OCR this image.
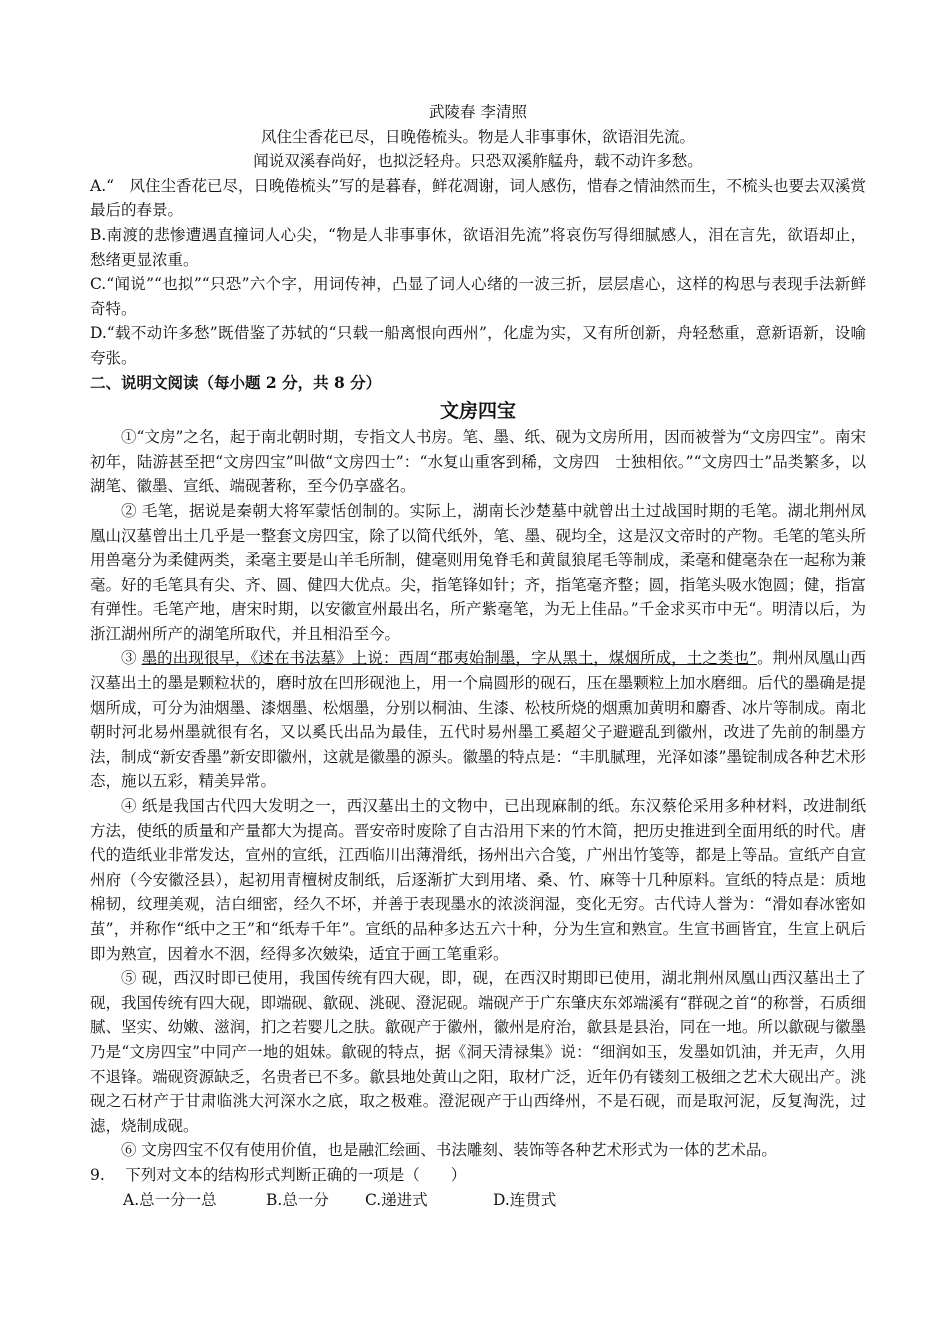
武陵春 李清照
风住尘香花已尽，日晚倦梳头。物是人非事事休，欲语泪先流。
闻说双溪春尚好，也拟泛轻舟。只恐双溪舴艋舟，载不动许多愁。

A.“　风住尘香花已尽，日晚倦梳头”写的是暮春，鲜花凋谢，词人感伤，惜春之情油然而生，不梳头也要去双溪赏最后的春景。

B.南渡的悲惨遭遇直撞词人心尖，“物是人非事事休，欲语泪先流”将哀伤写得细腻感人，泪在言先，欲语却止，愁绪更显浓重。

C.“闻说”“也拟”“只恐”六个字，用词传神，凸显了词人心绪的一波三折，层层虐心，这样的构思与表现手法新鲜奇特。

D.“载不动许多愁”既借鉴了苏轼的“只载一船离恨向西州”，化虚为实，又有所创新，舟轻愁重，意新语新，设喻夸张。

二、说明文阅读（每小题 2 分，共 8 分）

文房四宝

①“文房”之名，起于南北朝时期，专指文人书房。笔、墨、纸、砚为文房所用，因而被誉为“文房四宝”。南宋初年，陆游甚至把“文房四宝”叫做“文房四士”：“水复山重客到稀，文房四　士独相依。”“文房四士”品类繁多，以湖笔、徽墨、宣纸、端砚著称，至今仍享盛名。

② 毛笔，据说是秦朝大将军蒙恬创制的。实际上，湖南长沙楚墓中就曾出土过战国时期的毛笔。湖北荆州凤凰山汉墓曾出土几乎是一整套文房四宝，除了以简代纸外，笔、墨、砚均全，这是汉文帝时的产物。毛笔的笔头所用兽毫分为柔健两类，柔毫主要是山羊毛所制，健毫则用兔脊毛和黄鼠狼尾毛等制成，柔毫和健毫杂在一起称为兼毫。好的毛笔具有尖、齐、圆、健四大优点。尖，指笔锋如针；齐，指笔毫齐整；圆，指笔头吸水饱圆；健，指富有弹性。毛笔产地，唐宋时期，以安徽宣州最出名，所产紫毫笔，为无上佳品。”千金求买市中无“。明清以后，为浙江湖州所产的湖笔所取代，并且相沿至今。

③ 墨的出现很早，《述在书法墓》上说：西周“郡夷始制墨，字从黑土，煤烟所成，土之类也”。荆州凤凰山西汉墓出土的墨是颗粒状的，磨时放在凹形砚池上，用一个扁圆形的砚石，压在墨颗粒上加水磨细。后代的墨确是提烟所成，可分为油烟墨、漆烟墨、松烟墨，分别以桐油、生漆、松枝所烧的烟熏加黄明和麝香、冰片等制成。南北朝时河北易州墨就很有名，又以奚氏出品为最佳，五代时易州墨工奚超父子避避乱到徽州，改进了先前的制墨方法，制成“新安香墨”新安即徽州，这就是徽墨的源头。徽墨的特点是：“丰肌腻理，光泽如漆”墨锭制成各种艺术形态，施以五彩，精美异常。

④ 纸是我国古代四大发明之一，西汉墓出土的文物中，已出现麻制的纸。东汉蔡伦采用多种材料，改进制纸方法，使纸的质量和产量都大为提高。晋安帝时废除了自古沿用下来的竹木简，把历史推进到全面用纸的时代。唐代的造纸业非常发达，宣州的宣纸，江西临川出薄滑纸，扬州出六合笺，广州出竹笺等，都是上等品。宣纸产自宣州府（今安徽泾县），起初用青檀树皮制纸，后逐渐扩大到用堵、桑、竹、麻等十几种原料。宣纸的特点是：质地棉韧，纹理美观，洁白细密，经久不坏，并善于表现墨水的浓淡润湿，变化无穷。古代诗人誉为：“滑如春冰密如茧”，并称作“纸中之王”和“纸寿千年”。宣纸的品种多达五六十种，分为生宣和熟宣。生宣书画皆宜，生宣上矾后即为熟宣，因着水不洇，经得多次皴染，适宜于画工笔重彩。

⑤ 砚，西汉时即已使用，我国传统有四大砚，即，砚，在西汉时期即已使用，湖北荆州凤凰山西汉墓出土了砚，我国传统有四大砚，即端砚、歙砚、洮砚、澄泥砚。端砚产于广东肇庆东郊端溪有“群砚之首“的称誉，石质细腻、坚实、幼嫩、滋润，扪之若婴儿之肤。歙砚产于徽州，徽州是府治，歙县是县治，同在一地。所以歙砚与徽墨乃是“文房四宝”中同产一地的姐妹。歙砚的特点，据《洞天清禄集》说：“细润如玉，发墨如饥油，并无声，久用不退锋。端砚资源缺乏，名贵者已不多。歙县地处黄山之阳，取材广泛，近年仍有镂刻工极细之艺术大砚出产。洮砚之石材产于甘肃临洮大河深水之底，取之极难。澄泥砚产于山西绛州，不是石砚，而是取河泥，反复淘洗，过滤，烧制成砚。

⑥ 文房四宝不仅有使用价值，也是融汇绘画、书法雕刻、装饰等各种艺术形式为一体的艺术品。

9.　 下列对文本的结构形式判断正确的一项是（　　）

A.总一分一总	B.总一分 C.递进式	D.连贯式
